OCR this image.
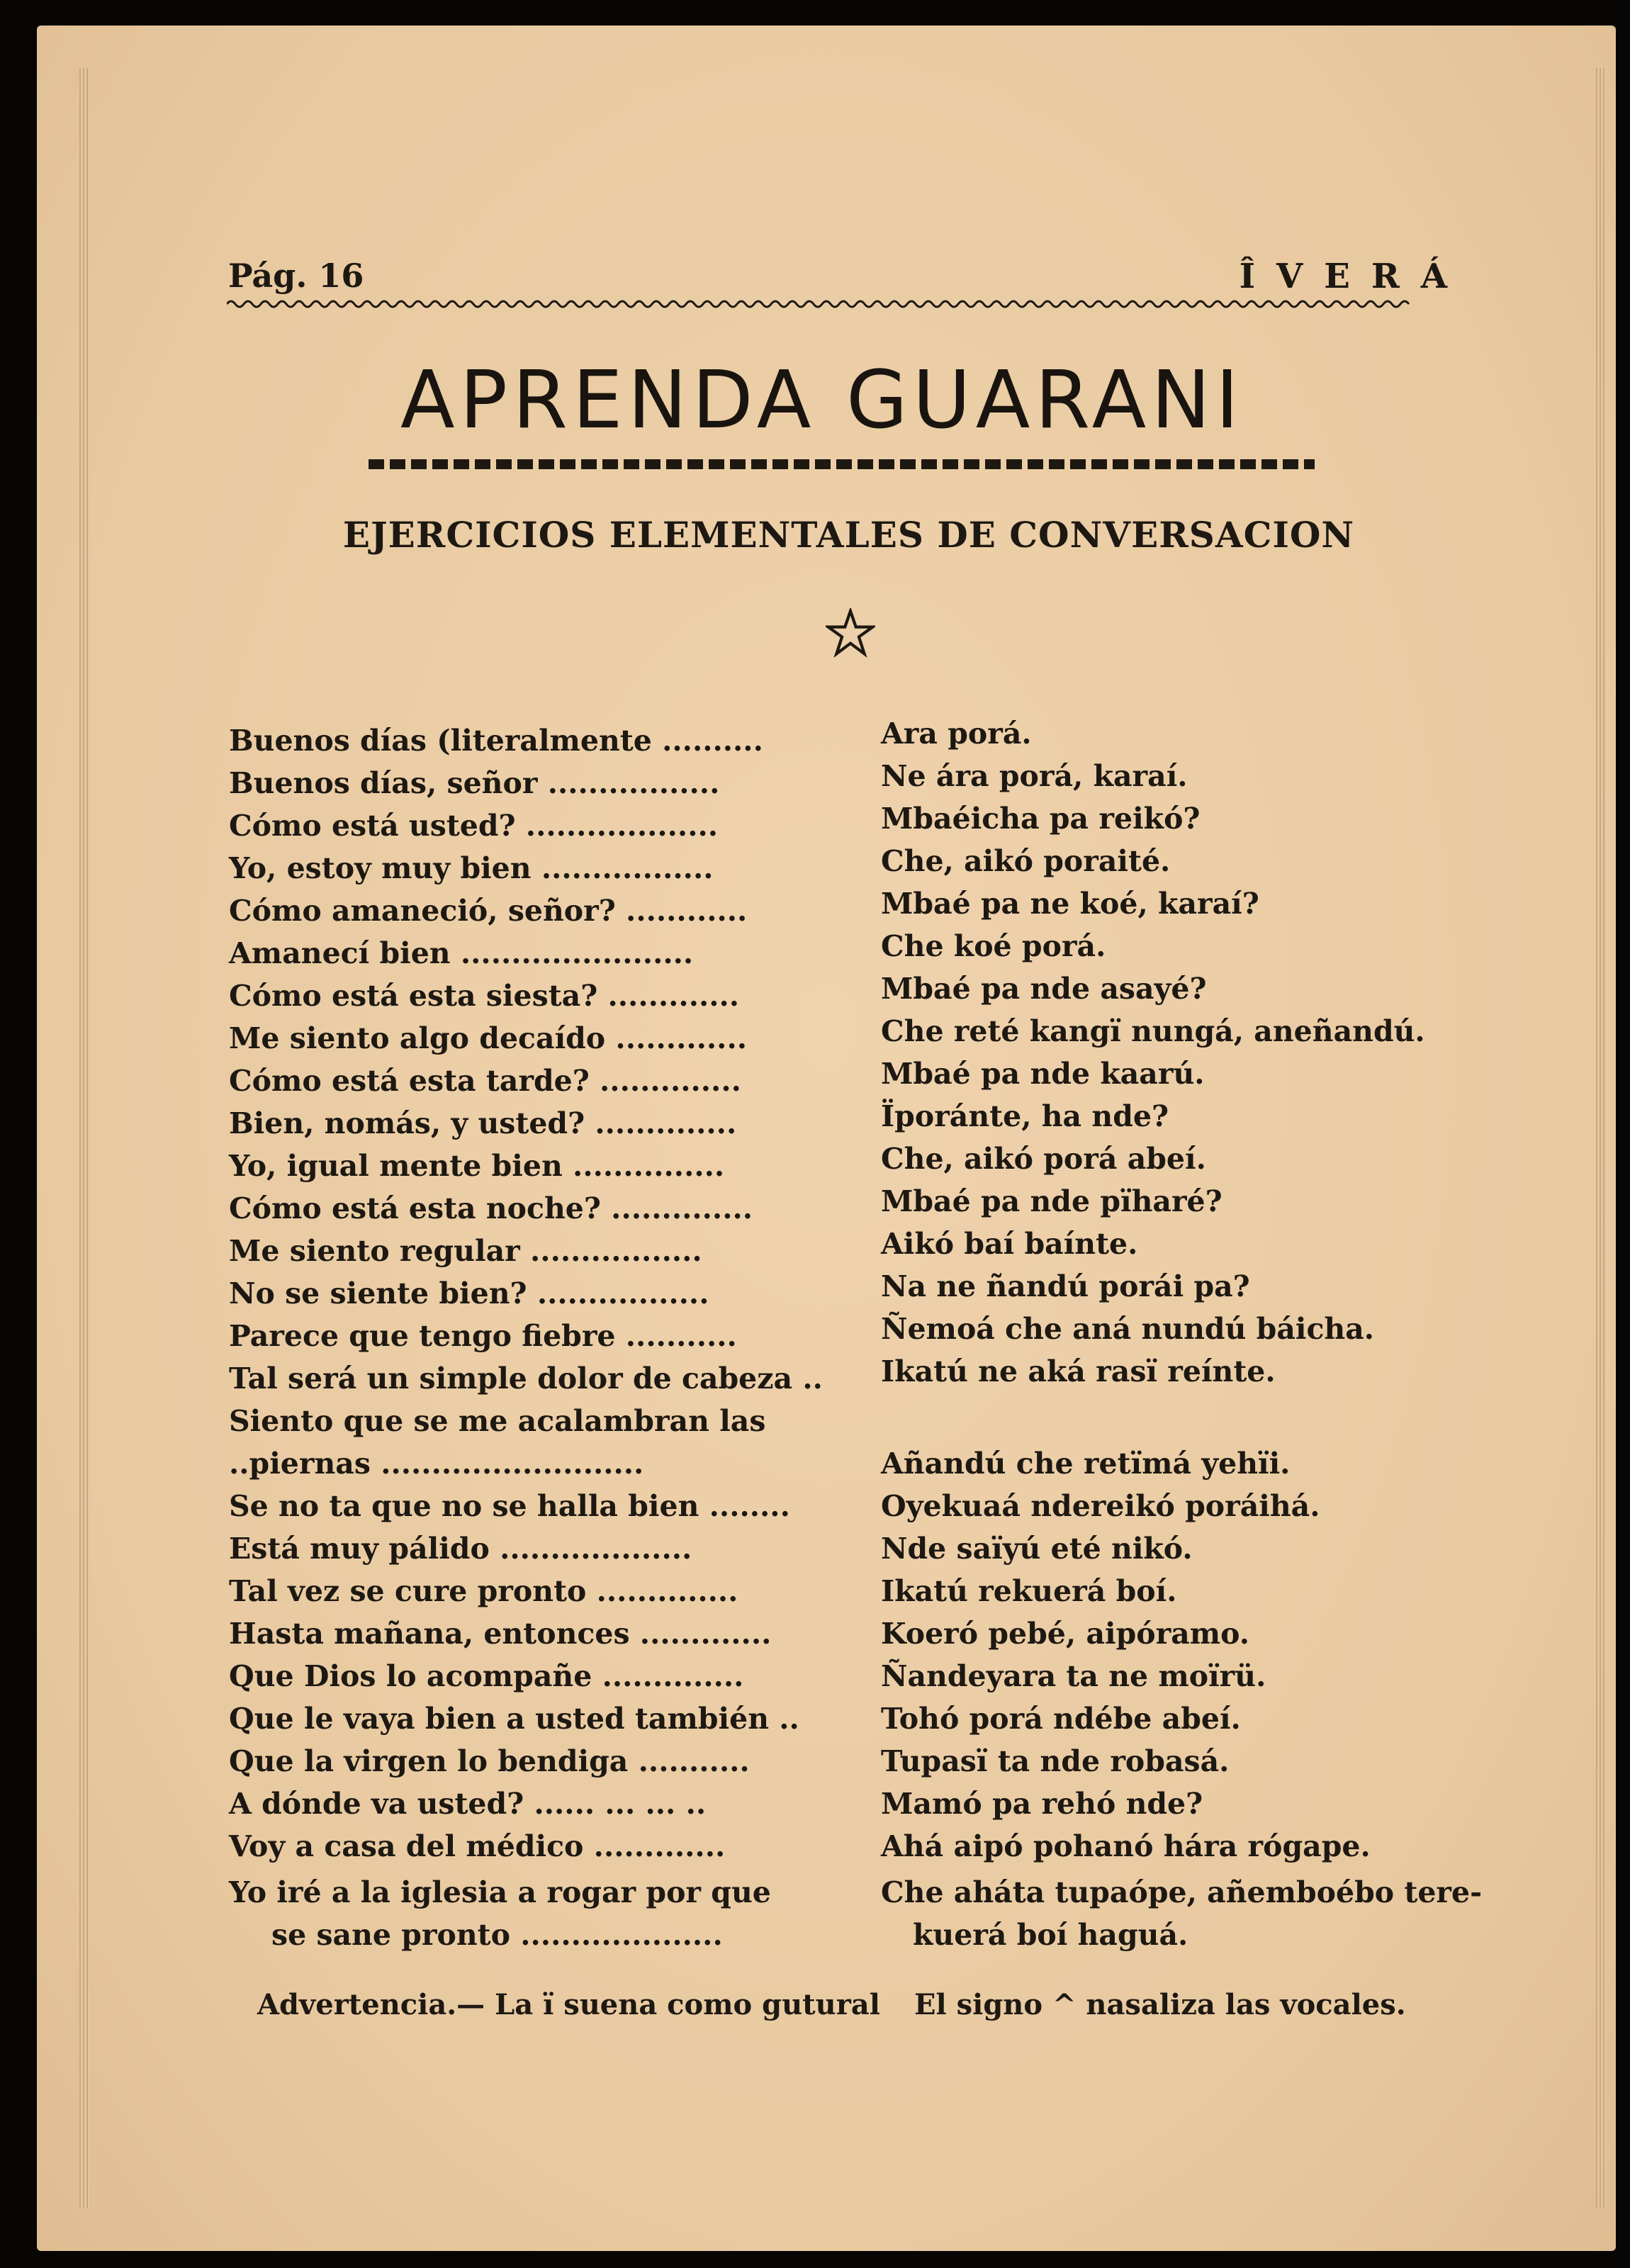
Pág. 16	ÎVERÁ
APRENDA GUARANI
EJERCICIOS ELEMENTALES DE CONVERSACION
Buenos días (literalmente ..........
Buenos días, señor .................
Cómo está usted? ...................
Yo, estoy muy bien .................
Cómo amaneció, señor? ............
Amanecí bien .......................
Cómo está esta siesta? .............
Me siento algo decaído .............
Cómo está esta tarde? ..............
Bien, nomás, y usted? ..............
Yo, igual mente bien ...............
Cómo está esta noche? ..............
Me siento regular .................
No se siente bien? .................
Parece que tengo fiebre ...........
Tal será un simple dolor de cabeza ..
Siento que se me acalambran las
..piernas ..........................
Se no ta que no se halla bien ........
Está muy pálido ...................
Tal vez se cure pronto ..............
Hasta mañana, entonces .............
Que Dios lo acompañe ..............
Que le vaya bien a usted también ..
Que la virgen lo bendiga ...........
A dónde va usted? ...... ... ... ..
Voy a casa del médico .............
Yo iré a la iglesia a rogar por que
se sane pronto ....................
Ara porá.
Ne ára porá, karaí.
Mbaéicha pa reikó?
Che, aikó poraité.
Mbaé pa ne koé, karaí?
Che koé porá.
Mbaé pa nde asayé?
Che reté kangï nungá, aneñandú.
Mbaé pa nde kaarú.
Ïporánte, ha nde?
Che, aikó porá abeí.
Mbaé pa nde pïharé?
Aikó baí baínte.
Na ne ñandú porái pa?
Ñemoá che aná nundú báicha.
Ikatú ne aká rasï reínte.
Añandú che retïmá yehïi.
Oyekuaá ndereikó poráihá.
Nde saïyú eté nikó.
Ikatú rekuerá boí.
Koeró pebé, aipóramo.
Ñandeyara ta ne moïrü.
Tohó porá ndébe abeí.
Tupasï ta nde robasá.
Mamó pa rehó nde?
Ahá aipó pohanó hára rógape.
Che aháta tupaópe, añemboébo tere-
kuerá boí haguá.
Advertencia.— La ï suena como gutural El signo ^ nasaliza las vocales.
